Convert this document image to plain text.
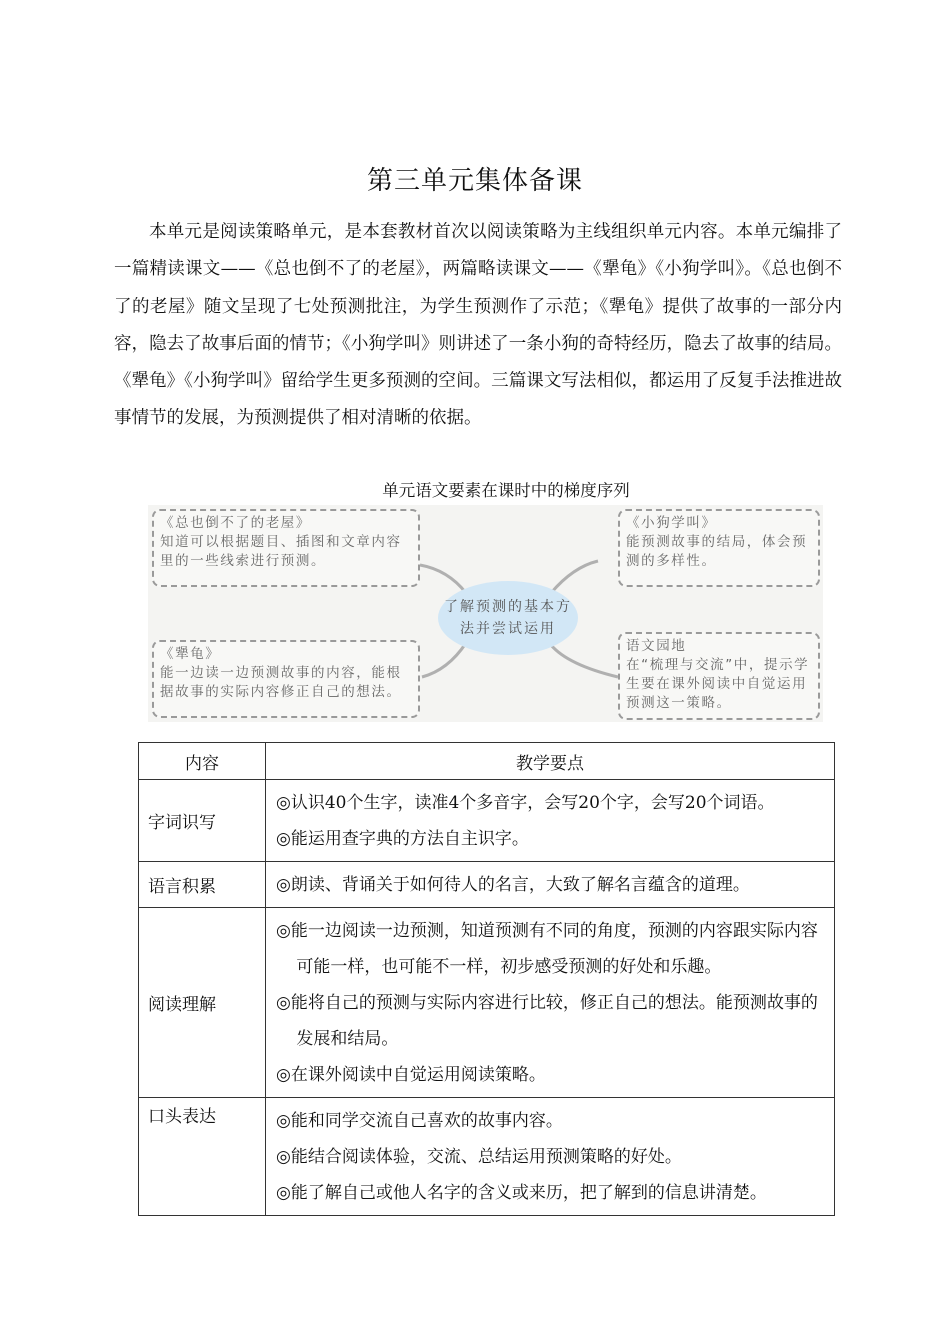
第三单元集体备课
本单元是阅读策略单元，是本套教材首次以阅读策略为主线组织单元内容。本单元编排了一篇精读课文——《总也倒不了的老屋》，两篇略读课文——《犟龟》《小狗学叫》。《总也倒不了的老屋》随文呈现了七处预测批注，为学生预测作了示范；《犟龟》提供了故事的一部分内容，隐去了故事后面的情节；《小狗学叫》则讲述了一条小狗的奇特经历，隐去了故事的结局。《犟龟》《小狗学叫》留给学生更多预测的空间。三篇课文写法相似，都运用了反复手法推进故事情节的发展，为预测提供了相对清晰的依据。
单元语文要素在课时中的梯度序列
《总也倒不了的老屋》
知道可以根据题目、插图和文章内容里的一些线索进行预测。
《小狗学叫》
能预测故事的结局，体会预测的多样性。
了解预测的基本方法并尝试运用
《犟龟》
能一边读一边预测故事的内容，能根据故事的实际内容修正自己的想法。
语文园地
在“梳理与交流”中，提示学生要在课外阅读中自觉运用预测这一策略。
内容	教学要点
字词识写	◎认识40个生字，读准4个多音字，会写20个字，会写20个词语。
◎能运用查字典的方法自主识字。

语言积累	◎朗读、背诵关于如何待人的名言，大致了解名言蕴含的道理。

阅读理解	◎能一边阅读一边预测，知道预测有不同的角度，预测的内容跟实际内容可能一样，也可能不一样，初步感受预测的好处和乐趣。
◎能将自己的预测与实际内容进行比较，修正自己的想法。能预测故事的发展和结局。
◎在课外阅读中自觉运用阅读策略。

口头表达	◎能和同学交流自己喜欢的故事内容。
◎能结合阅读体验，交流、总结运用预测策略的好处。
◎能了解自己或他人名字的含义或来历，把了解到的信息讲清楚。
